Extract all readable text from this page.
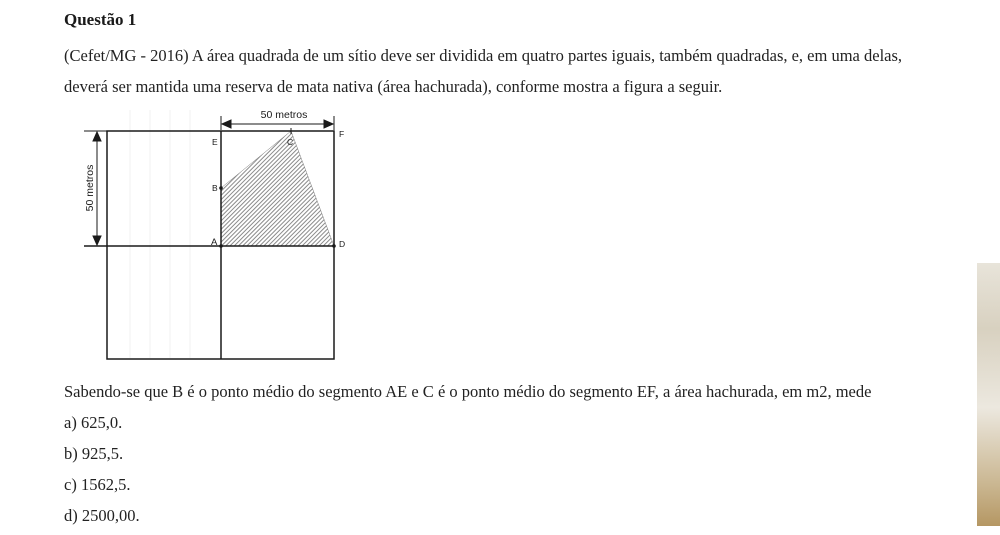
Questão 1

(Cefet/MG - 2016) A área quadrada de um sítio deve ser dividida em quatro partes iguais, também quadradas, e, em uma delas, deverá ser mantida uma reserva de mata nativa (área hachurada), conforme mostra a figura a seguir.

50 metros
50 metros
E	C
F
B
A	D

Sabendo-se que B é o ponto médio do segmento AE e C é o ponto médio do segmento EF, a área hachurada, em m2, mede

a) 625,0.
b) 925,5.
c) 1562,5.
d) 2500,00.
